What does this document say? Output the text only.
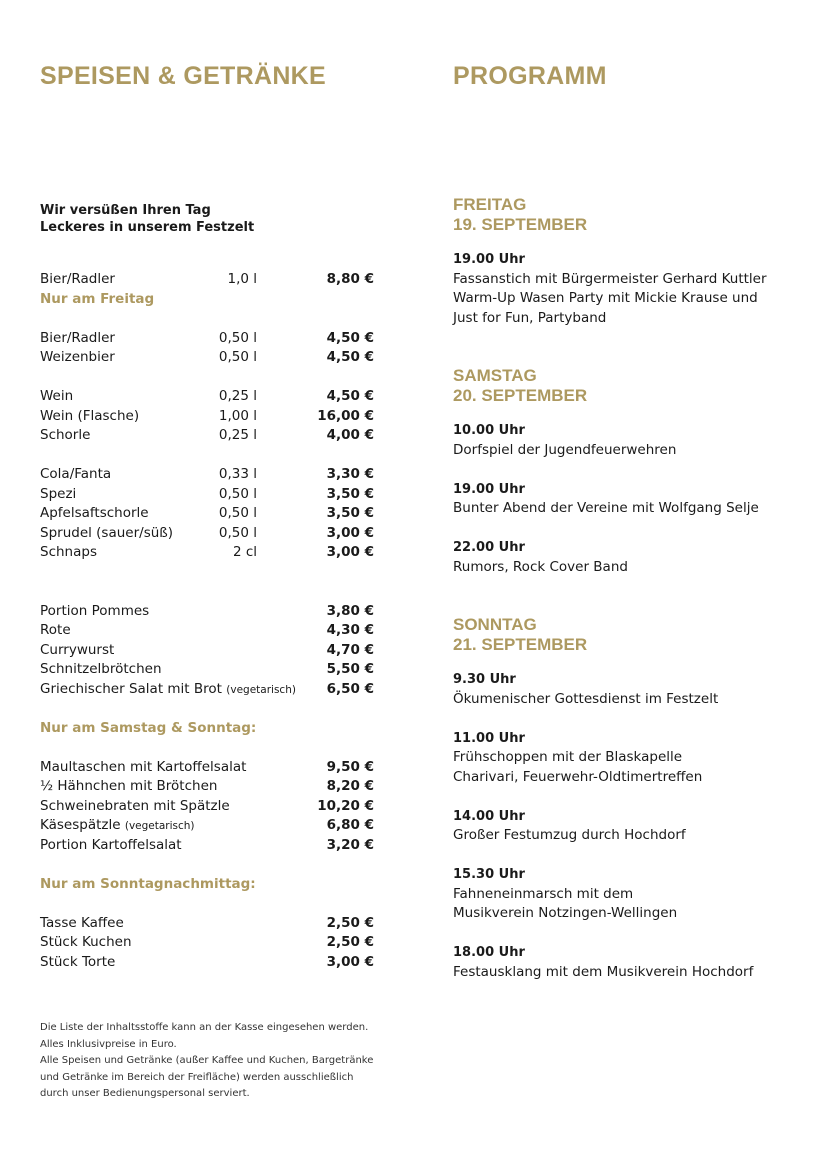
SPEISEN & GETRÄNKE	PROGRAMM
Wir versüßen Ihren Tag
Leckeres in unserem Festzelt
Bier/Radler	1,0 l	8,80 €
Nur am Freitag
Bier/Radler	0,50 l	4,50 €
Weizenbier	0,50 l	4,50 €
Wein	0,25 l	4,50 €
Wein (Flasche)	1,00 l	16,00 €
Schorle	0,25 l	4,00 €
Cola/Fanta	0,33 l	3,30 €
Spezi	0,50 l	3,50 €
Apfelsaftschorle	0,50 l	3,50 €
Sprudel (sauer/süß)	0,50 l	3,00 €
Schnaps	2 cl	3,00 €
Portion Pommes	3,80 €
Rote	4,30 €
Currywurst	4,70 €
Schnitzelbrötchen	5,50 €
Griechischer Salat mit Brot (vegetarisch) 6,50 €
Nur am Samstag & Sonntag:
Maultaschen mit Kartoffelsalat	9,50 €
½ Hähnchen mit Brötchen	8,20 €
Schweinebraten mit Spätzle	10,20 €
Käsespätzle (vegetarisch)	6,80 €
Portion Kartoffelsalat	3,20 €
Nur am Sonntagnachmittag:
Tasse Kaffee	2,50 €
Stück Kuchen	2,50 €
Stück Torte	3,00 €
Die Liste der Inhaltsstoffe kann an der Kasse eingesehen werden.
Alles Inklusivpreise in Euro.
Alle Speisen und Getränke (außer Kaffee und Kuchen, Bargetränke
und Getränke im Bereich der Freifläche) werden ausschließlich
durch unser Bedienungspersonal serviert.
FREITAG
19. SEPTEMBER
19.00 Uhr
Fassanstich mit Bürgermeister Gerhard Kuttler
Warm-Up Wasen Party mit Mickie Krause und
Just for Fun, Partyband
SAMSTAG
20. SEPTEMBER
10.00 Uhr
Dorfspiel der Jugendfeuerwehren
19.00 Uhr
Bunter Abend der Vereine mit Wolfgang Selje
22.00 Uhr
Rumors, Rock Cover Band
SONNTAG
21. SEPTEMBER
9.30 Uhr
Ökumenischer Gottesdienst im Festzelt
11.00 Uhr
Frühschoppen mit der Blaskapelle
Charivari, Feuerwehr-Oldtimertreffen
14.00 Uhr
Großer Festumzug durch Hochdorf
15.30 Uhr
Fahneneinmarsch mit dem
Musikverein Notzingen-Wellingen
18.00 Uhr
Festausklang mit dem Musikverein Hochdorf
